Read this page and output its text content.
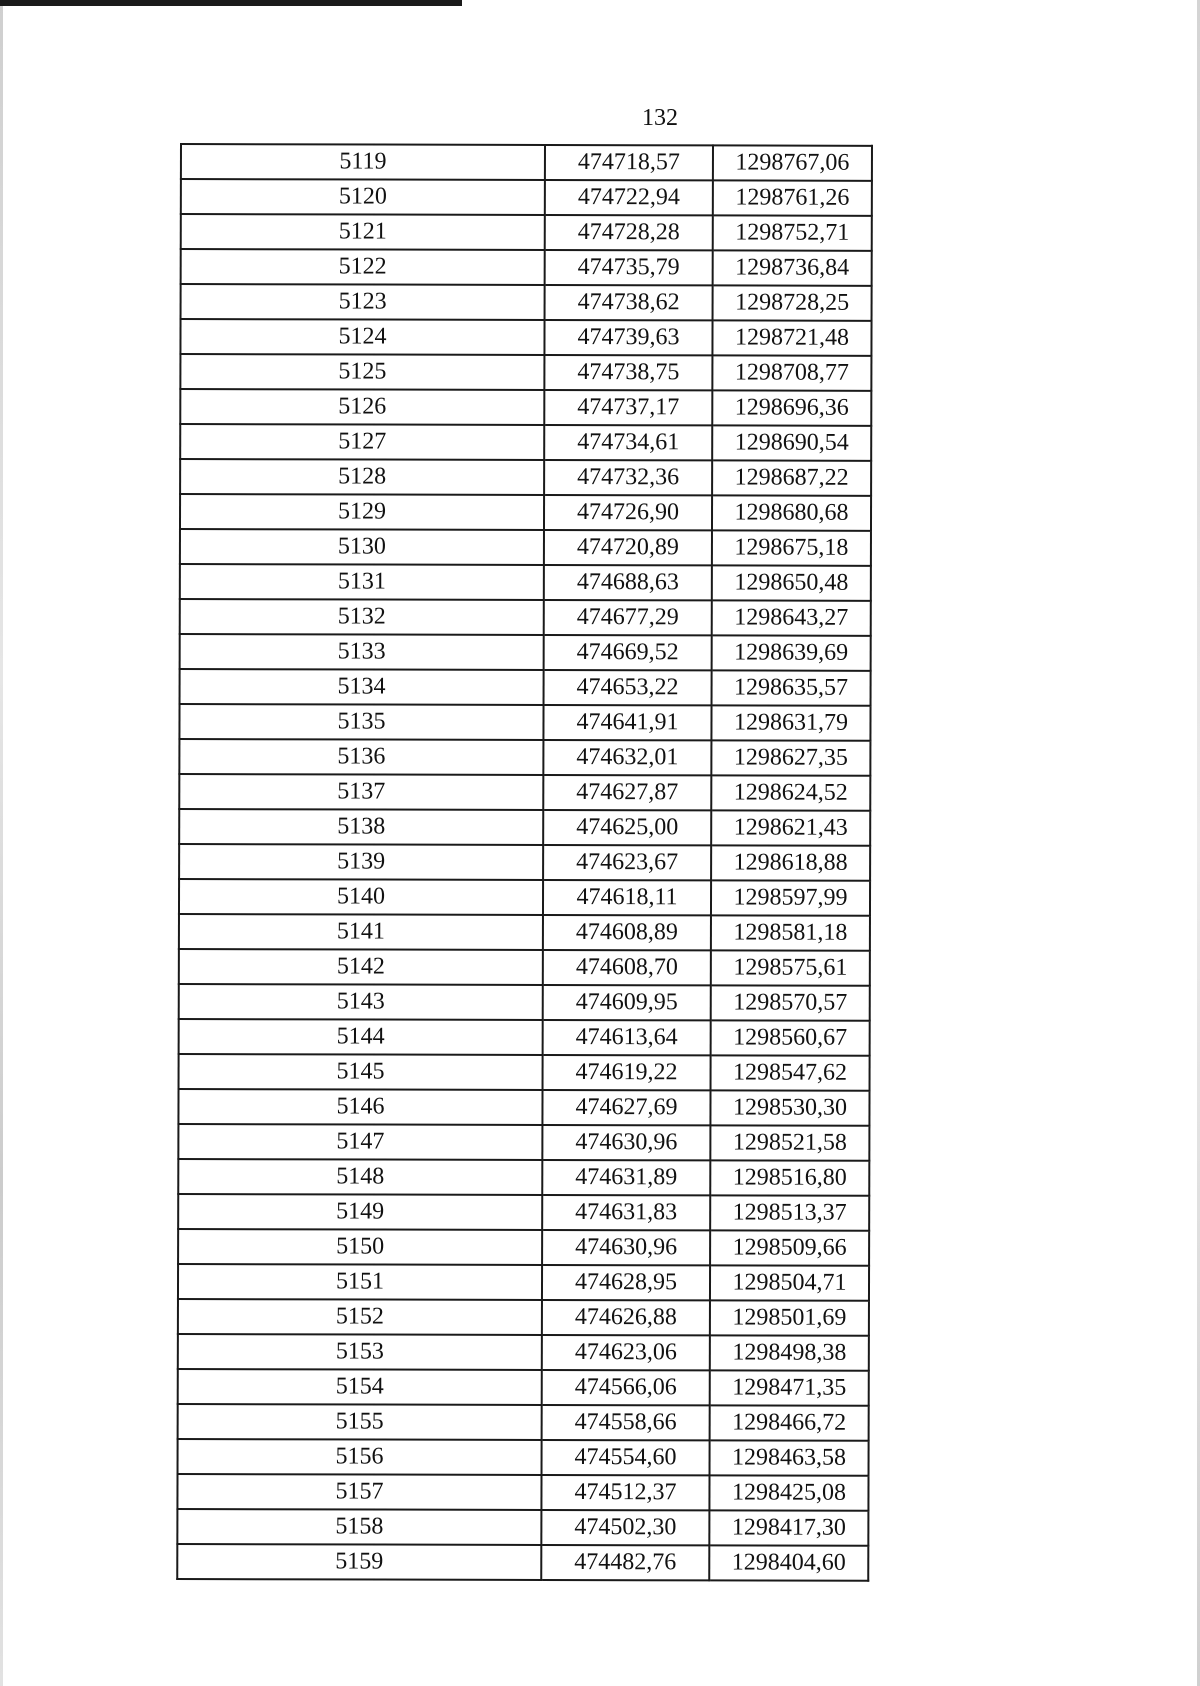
132
5119	474718,57	1298767,06
5120	474722,94	1298761,26
5121	474728,28	1298752,71
5122	474735,79	1298736,84
5123	474738,62	1298728,25
5124	474739,63	1298721,48
5125	474738,75	1298708,77
5126	474737,17	1298696,36
5127	474734,61	1298690,54
5128	474732,36	1298687,22
5129	474726,90	1298680,68
5130	474720,89	1298675,18
5131	474688,63	1298650,48
5132	474677,29	1298643,27
5133	474669,52	1298639,69
5134	474653,22	1298635,57
5135	474641,91	1298631,79
5136	474632,01	1298627,35
5137	474627,87	1298624,52
5138	474625,00	1298621,43
5139	474623,67	1298618,88
5140	474618,11	1298597,99
5141	474608,89	1298581,18
5142	474608,70	1298575,61
5143	474609,95	1298570,57
5144	474613,64	1298560,67
5145	474619,22	1298547,62
5146	474627,69	1298530,30
5147	474630,96	1298521,58
5148	474631,89	1298516,80
5149	474631,83	1298513,37
5150	474630,96	1298509,66
5151	474628,95	1298504,71
5152	474626,88	1298501,69
5153	474623,06	1298498,38
5154	474566,06	1298471,35
5155	474558,66	1298466,72
5156	474554,60	1298463,58
5157	474512,37	1298425,08
5158	474502,30	1298417,30
5159	474482,76	1298404,60
